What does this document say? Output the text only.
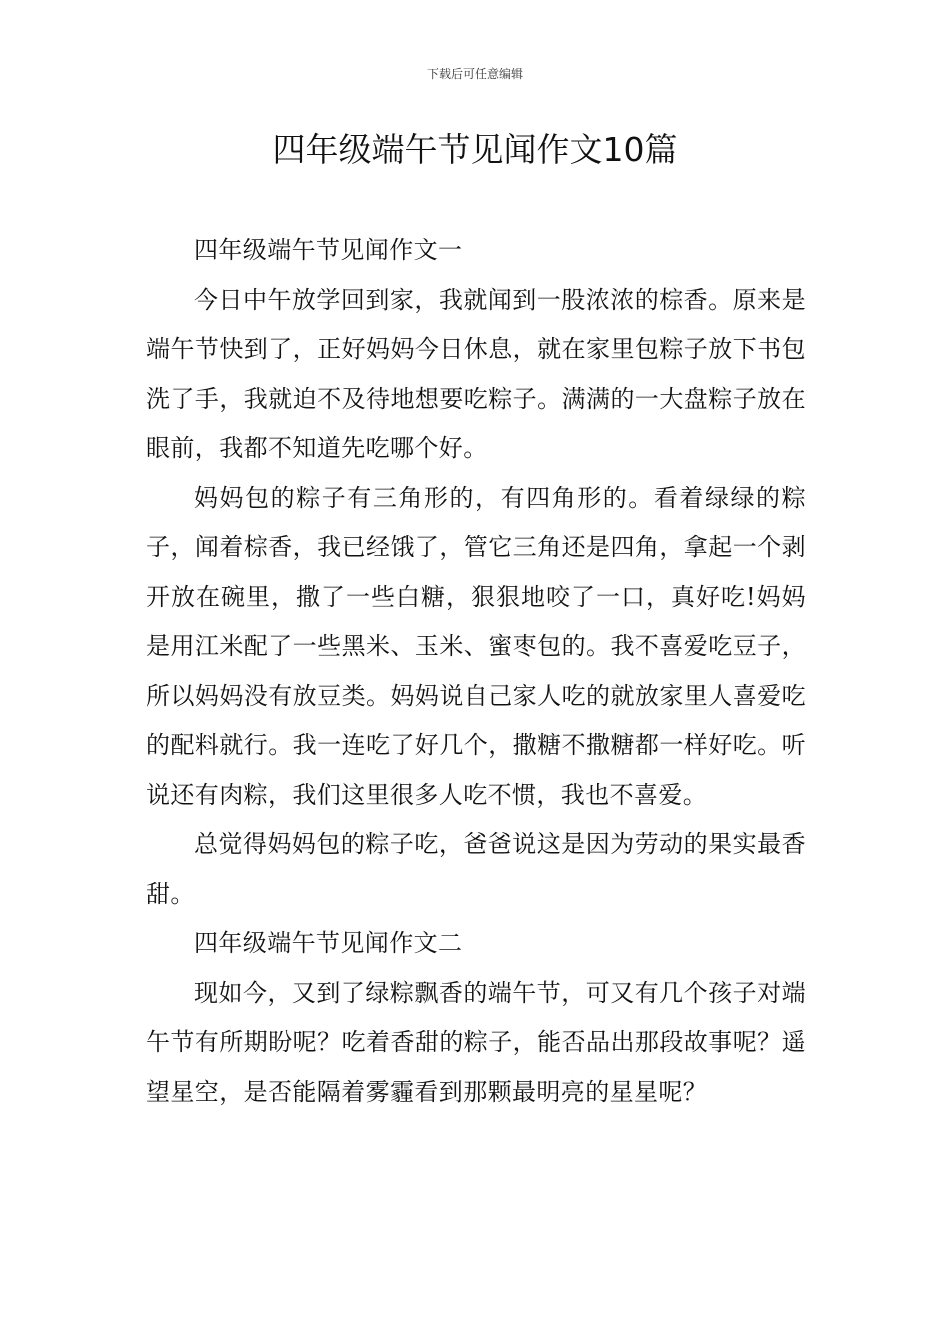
下载后可任意编辑
四年级端午节见闻作文10篇

四年级端午节见闻作文一

今日中午放学回到家，我就闻到一股浓浓的棕香。原来是端午节快到了，正好妈妈今日休息，就在家里包粽子放下书包洗了手，我就迫不及待地想要吃粽子。满满的一大盘粽子放在眼前，我都不知道先吃哪个好。

妈妈包的粽子有三角形的，有四角形的。看着绿绿的粽子，闻着棕香，我已经饿了，管它三角还是四角，拿起一个剥开放在碗里，撒了一些白糖，狠狠地咬了一口，真好吃!妈妈是用江米配了一些黑米、玉米、蜜枣包的。我不喜爱吃豆子，所以妈妈没有放豆类。妈妈说自己家人吃的就放家里人喜爱吃的配料就行。我一连吃了好几个，撒糖不撒糖都一样好吃。听说还有肉粽，我们这里很多人吃不惯，我也不喜爱。

总觉得妈妈包的粽子吃，爸爸说这是因为劳动的果实最香甜。

四年级端午节见闻作文二

现如今，又到了绿粽飘香的端午节，可又有几个孩子对端午节有所期盼呢？吃着香甜的粽子，能否品出那段故事呢？遥望星空，是否能隔着雾霾看到那颗最明亮的星星呢？
